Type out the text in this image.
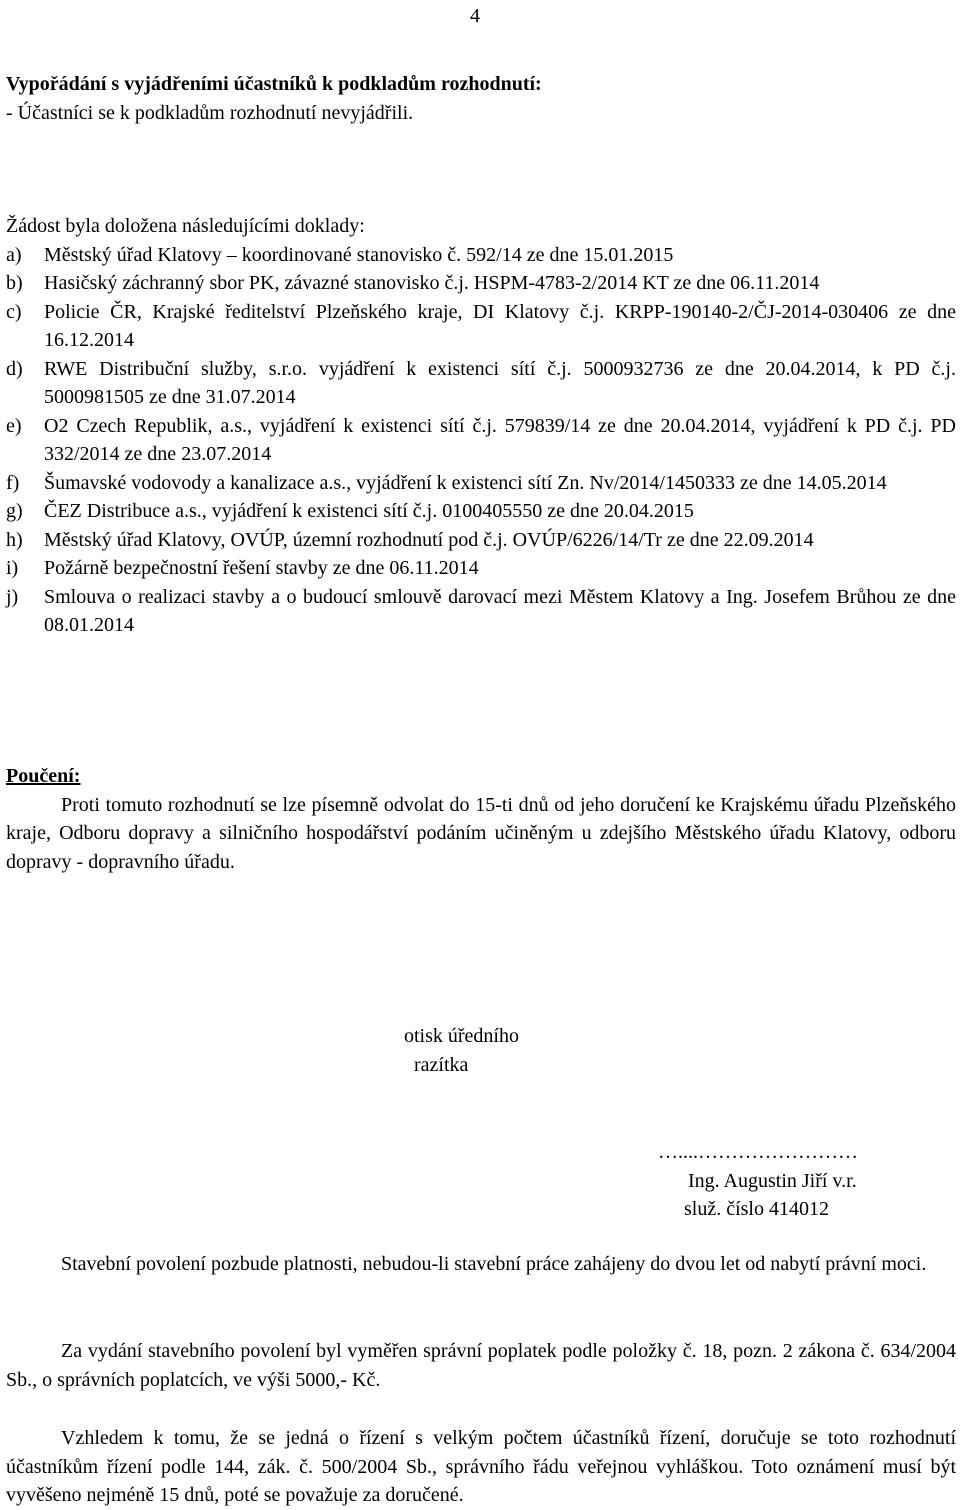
4

Vypořádání s vyjádřeními účastníků k podkladům rozhodnutí:

- Účastníci se k podkladům rozhodnutí nevyjádřili.

Žádost byla doložena následujícími doklady:

a) Městský úřad Klatovy – koordinované stanovisko č. 592/14 ze dne 15.01.2015
b) Hasičský záchranný sbor PK, závazné stanovisko č.j. HSPM-4783-2/2014 KT ze dne 06.11.2014
c) Policie ČR, Krajské ředitelství Plzeňského kraje, DI Klatovy č.j. KRPP-190140-2/ČJ-2014-030406 ze dne 16.12.2014
d) RWE Distribuční služby, s.r.o. vyjádření k existenci sítí č.j. 5000932736 ze dne 20.04.2014, k PD č.j. 5000981505 ze dne 31.07.2014
e) O2 Czech Republik, a.s., vyjádření k existenci sítí č.j. 579839/14 ze dne 20.04.2014, vyjádření k PD č.j. PD 332/2014 ze dne 23.07.2014
f) Šumavské vodovody a kanalizace a.s., vyjádření k existenci sítí Zn. Nv/2014/1450333 ze dne 14.05.2014
g) ČEZ Distribuce a.s., vyjádření k existenci sítí č.j. 0100405550 ze dne 20.04.2015
h) Městský úřad Klatovy, OVÚP, územní rozhodnutí pod č.j. OVÚP/6226/14/Tr ze dne 22.09.2014
i) Požárně bezpečnostní řešení stavby ze dne 06.11.2014
j) Smlouva o realizaci stavby a o budoucí smlouvě darovací mezi Městem Klatovy a Ing. Josefem Brůhou ze dne 08.01.2014

Poučení:

Proti tomuto rozhodnutí se lze písemně odvolat do 15-ti dnů od jeho doručení ke Krajskému úřadu Plzeňského kraje, Odboru dopravy a silničního hospodářství podáním učiněným u zdejšího Městského úřadu Klatovy, odboru dopravy - dopravního úřadu.

otisk úředního
razítka
…....……………………
Ing. Augustin Jiří v.r.
služ. číslo 414012

Stavební povolení pozbude platnosti, nebudou-li stavební práce zahájeny do dvou let od nabytí právní moci.

Za vydání stavebního povolení byl vyměřen správní poplatek podle položky č. 18, pozn. 2 zákona č. 634/2004 Sb., o správních poplatcích, ve výši 5000,- Kč.

Vzhledem k tomu, že se jedná o řízení s velkým počtem účastníků řízení, doručuje se toto rozhodnutí účastníkům řízení podle 144, zák. č. 500/2004 Sb., správního řádu veřejnou vyhláškou. Toto oznámení musí být vyvěšeno nejméně 15 dnů, poté se považuje za doručené.
